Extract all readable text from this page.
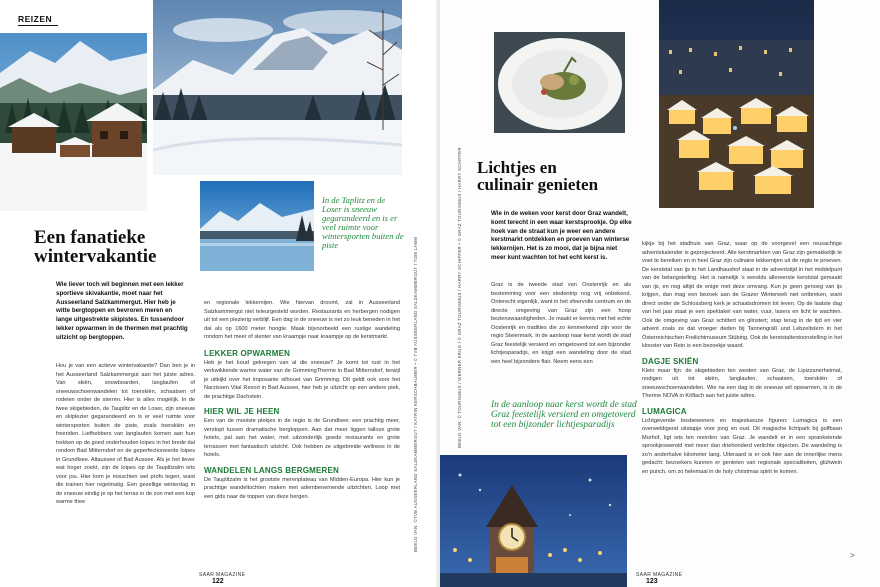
REIZEN
In de Taplitz en de Loser is sneeuw gegarandeerd en is er veel ruimte voor wintersporten buiten de piste
Een fanatieke
wintervakantie
Wie liever toch wil beginnen met een lekker sportieve skivakantie, moet naar het Ausseerland Salzkammergut. Hier heb je witte bergtoppen en bevroren meren en lange uitgestrekte skipistes. En tussendoor lekker opwarmen in de thermen met prachtig uitzicht op bergtoppen.
Hou je van een actieve wintervakantie? Dan ben je in het Ausseerland Salzkammergut aan het juiste adres. Van skiën, snowboarden, langlaufen of sneeuwschoenwandelen tot toerskiën, schaatsen of rodelen onder de sterren. Hier is alles mogelijk. In de twee skigebieden, de Tauplitz en de Loser, zijn sneeuw en skiplezier gegarandeerd en is er veel ruimte voor wintersporten buiten de piste, zoals toerskiën en freeriden. Liefhebbers van langlaufen komen aan hun trekken op de goed onderhouden loipes in het brede dal rondom Bad Mitterndorf en de geperfectioneerde loipes in Grundlsee. Altaussee of Bad Aussee. Als je het liever wat hoger zoekt, zijn de loipes op de Tauplitzalm iets voor jou. Hier kom je misschien wel profs tegen, want die trainen hier regelmatig. Een gezellige winterdag in de sneeuw eindig je op het terras in de zon met een kop warme thee
en regionale lekkernijen. Wie hiervan droomt, zal in Ausseerland Salzkammergut niet teleurgesteld worden. Restaurants en herbergen nodigen uit tot een plezierig verblijf. Een dag in de sneeuw is net zo leuk beneden in het dal als op 1600 meter hoogte. Maak bijvoorbeeld een rustige wandeling rondom het meer of slenter van kraampje naar kraampje op de kerstmarkt.
LEKKER OPWARMEN
Heb je het koud gekregen van al die sneeuw? Je komt tot rust in het verkwikkende warme water van de GrimmingTherme in Bad Mitterndorf, terwijl je uitkijkt over het imposante silhouet van Grimming. Dit geldt ook voor het Narzissen Vital Resort in Bad Aussee, hier heb je uitzicht op een andere piek, de prachtige Dachstein.
HIER WIL JE HEEN
Een van de mooiste plekjes in de regio is de Grundlsee; een prachtig meer, verstopt tussen dramatische bergtoppen. Aan dat meer liggen talloze grote hotels, pal aan het water, met uitzonderlijk goede restaurants en grote terrassen met fantastisch uitzicht. Ook hebben ze uitgebreide wellness in de hotels.
WANDELEN LANGS BERGMEREN
De Tauplitzalm is het grootste merenplateau van Midden-Europa. Hier kun je prachtige wandeltochten maken met adembenemende uitzichten. Loop met een gids naar de toppen van deze bergen.	BEELD VAN: ©TVB AUSSEERLAND SALZKAMMERGUT / KATRIN KERSCHBAUMER • © TVB AUSSEERLAND SALZKAMMERGUT / TOM LAMM
SAAR MAGAZINE
122
BEELD VAN: © TOURISMUS / WERNER KRUG / © GRAZ TOURISMUS / HARRY SCHIFFER • © GRAZ TOURISMUS / HARRY SCHIFFER Lichtjes en
culinair genieten
Wie in de weken voor kerst door Graz wandelt, komt terecht in een waar kerstsprookje. Op elke hoek van de straat kun je weer een andere kerstmarkt ontdekken en proeven van winterse lekkernijen. Het is zo mooi, dat je bijna niet meer kunt wachten tot het echt kerst is.
Graz is de tweede stad van Oostenrijk en als bestemming voor een stedentrip nog vrij onbekend. Onterecht eigenlijk, want in het sfeervolle centrum en de directe omgeving van Graz zijn een hoop bezienswaardigheden. Je maakt er kennis met het echte Oostenrijk en tradities die zo kenmerkend zijn voor de regio Steiermark. In de aanloop naar kerst wordt de stad Graz feestelijk versierd en omgetoverd tot een bijzonder lichtjesparadijs, en krijgt een wandeling door de stad een heel bijzondere flair. Neem eens een
In de aanloop naar kerst wordt de stad Graz feestelijk versierd en omgetoverd tot een bijzonder lichtjesparadijs
kijkje bij het stadhuis van Graz, waar op de voorgevel een reusachtige adventskalender is geprojecteerd. Alle kerstmarkten van Graz zijn gemakkelijk te voet te bereiken en in heel Graz zijn culinaire lekkernijen uit de regio te proeven. De kerststal van ijs in het Landhaushof staat in de adventstijd in het middelpunt van de belangstelling. Het is namelijk 's werelds allereerste kerststal gemaakt van ijs, en nog altijd de enige met deze omvang. Kun je geen genoeg van ijs krijgen, dan mag een bezoek aan de Grazer Winterwelt niet ontbreken, want direct onder de Schlossberg kerk je schaatsdromen tot leven. Op de laatste dag van het jaar staat je een spektakel van water, vuur, lasers en licht te wachten. Ook de omgeving van Graz schittert en glinstert; stap terug in de tijd en vier advent zoals ze dat vroeger deden bij Tannengräß und Lebzeltstern in het Österreichischen Freilichtmuseum Stübing. Ook de kerststaltentoonstelling in het klooster van Rein is een bezoekje waard.
DAGJE SKIËN
Klein maar fijn: de skigebieden ten westen van Graz, de Lipizzanerheimat, nodigen uit tot skiën, langlaufen, schaatsen, toerskiën of sneeuwschoenwandelen. Wie na een dag in de sneeuw wil opwarmen, is in de Therme NOVA in Köflach aan het juiste adres.
LUMAGICA
Lichtgevende bosbewoners en majestueuze figuren: Lumagica is een overweldigend uitstapje voor jong en oud. Dit magische lichtpark bij golfbaan Murhof, ligt iets ten noorden van Graz. Je wandelt er in een sprankelende sprookjeswereld met meer dan driehonderd verlichte objecten. De wandeling is zo'n anderhalve kilometer lang. Uiteraard is er ook hier aan de innerlijke mens gedacht: bezoekers kunnen er genieten van regionale specialiteiten, glühwein en punch, om zo helemaal in de holy christmas spirit te komen.
SAAR MAGAZINE
123
>
